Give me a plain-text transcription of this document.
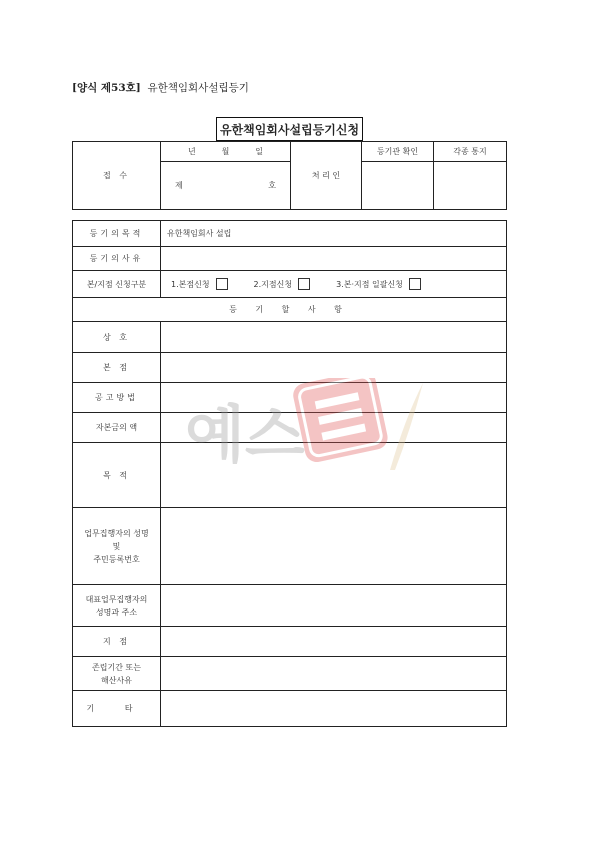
[양식 제53호] 유한책임회사설립등기
유한책임회사설립등기신청
접 수	년 월 일	처 리 인	등기관 확인	각종 통지

	제 호			

등기의목적	유한책임회사 설립
등기의사유	
본/지점 신청구분	1.본점신청 2.지점신청 3.본·지점 일괄신청

등 기 할 사 항	
상 호	
본 점	
공고방법	
자본금의 액	
목 적	

업무집행자의 성명
및
주민등록번호	

대표업무집행자의
성명과 주소	

지 점	

존립기간 또는
해산사유	

기 타	
예스
